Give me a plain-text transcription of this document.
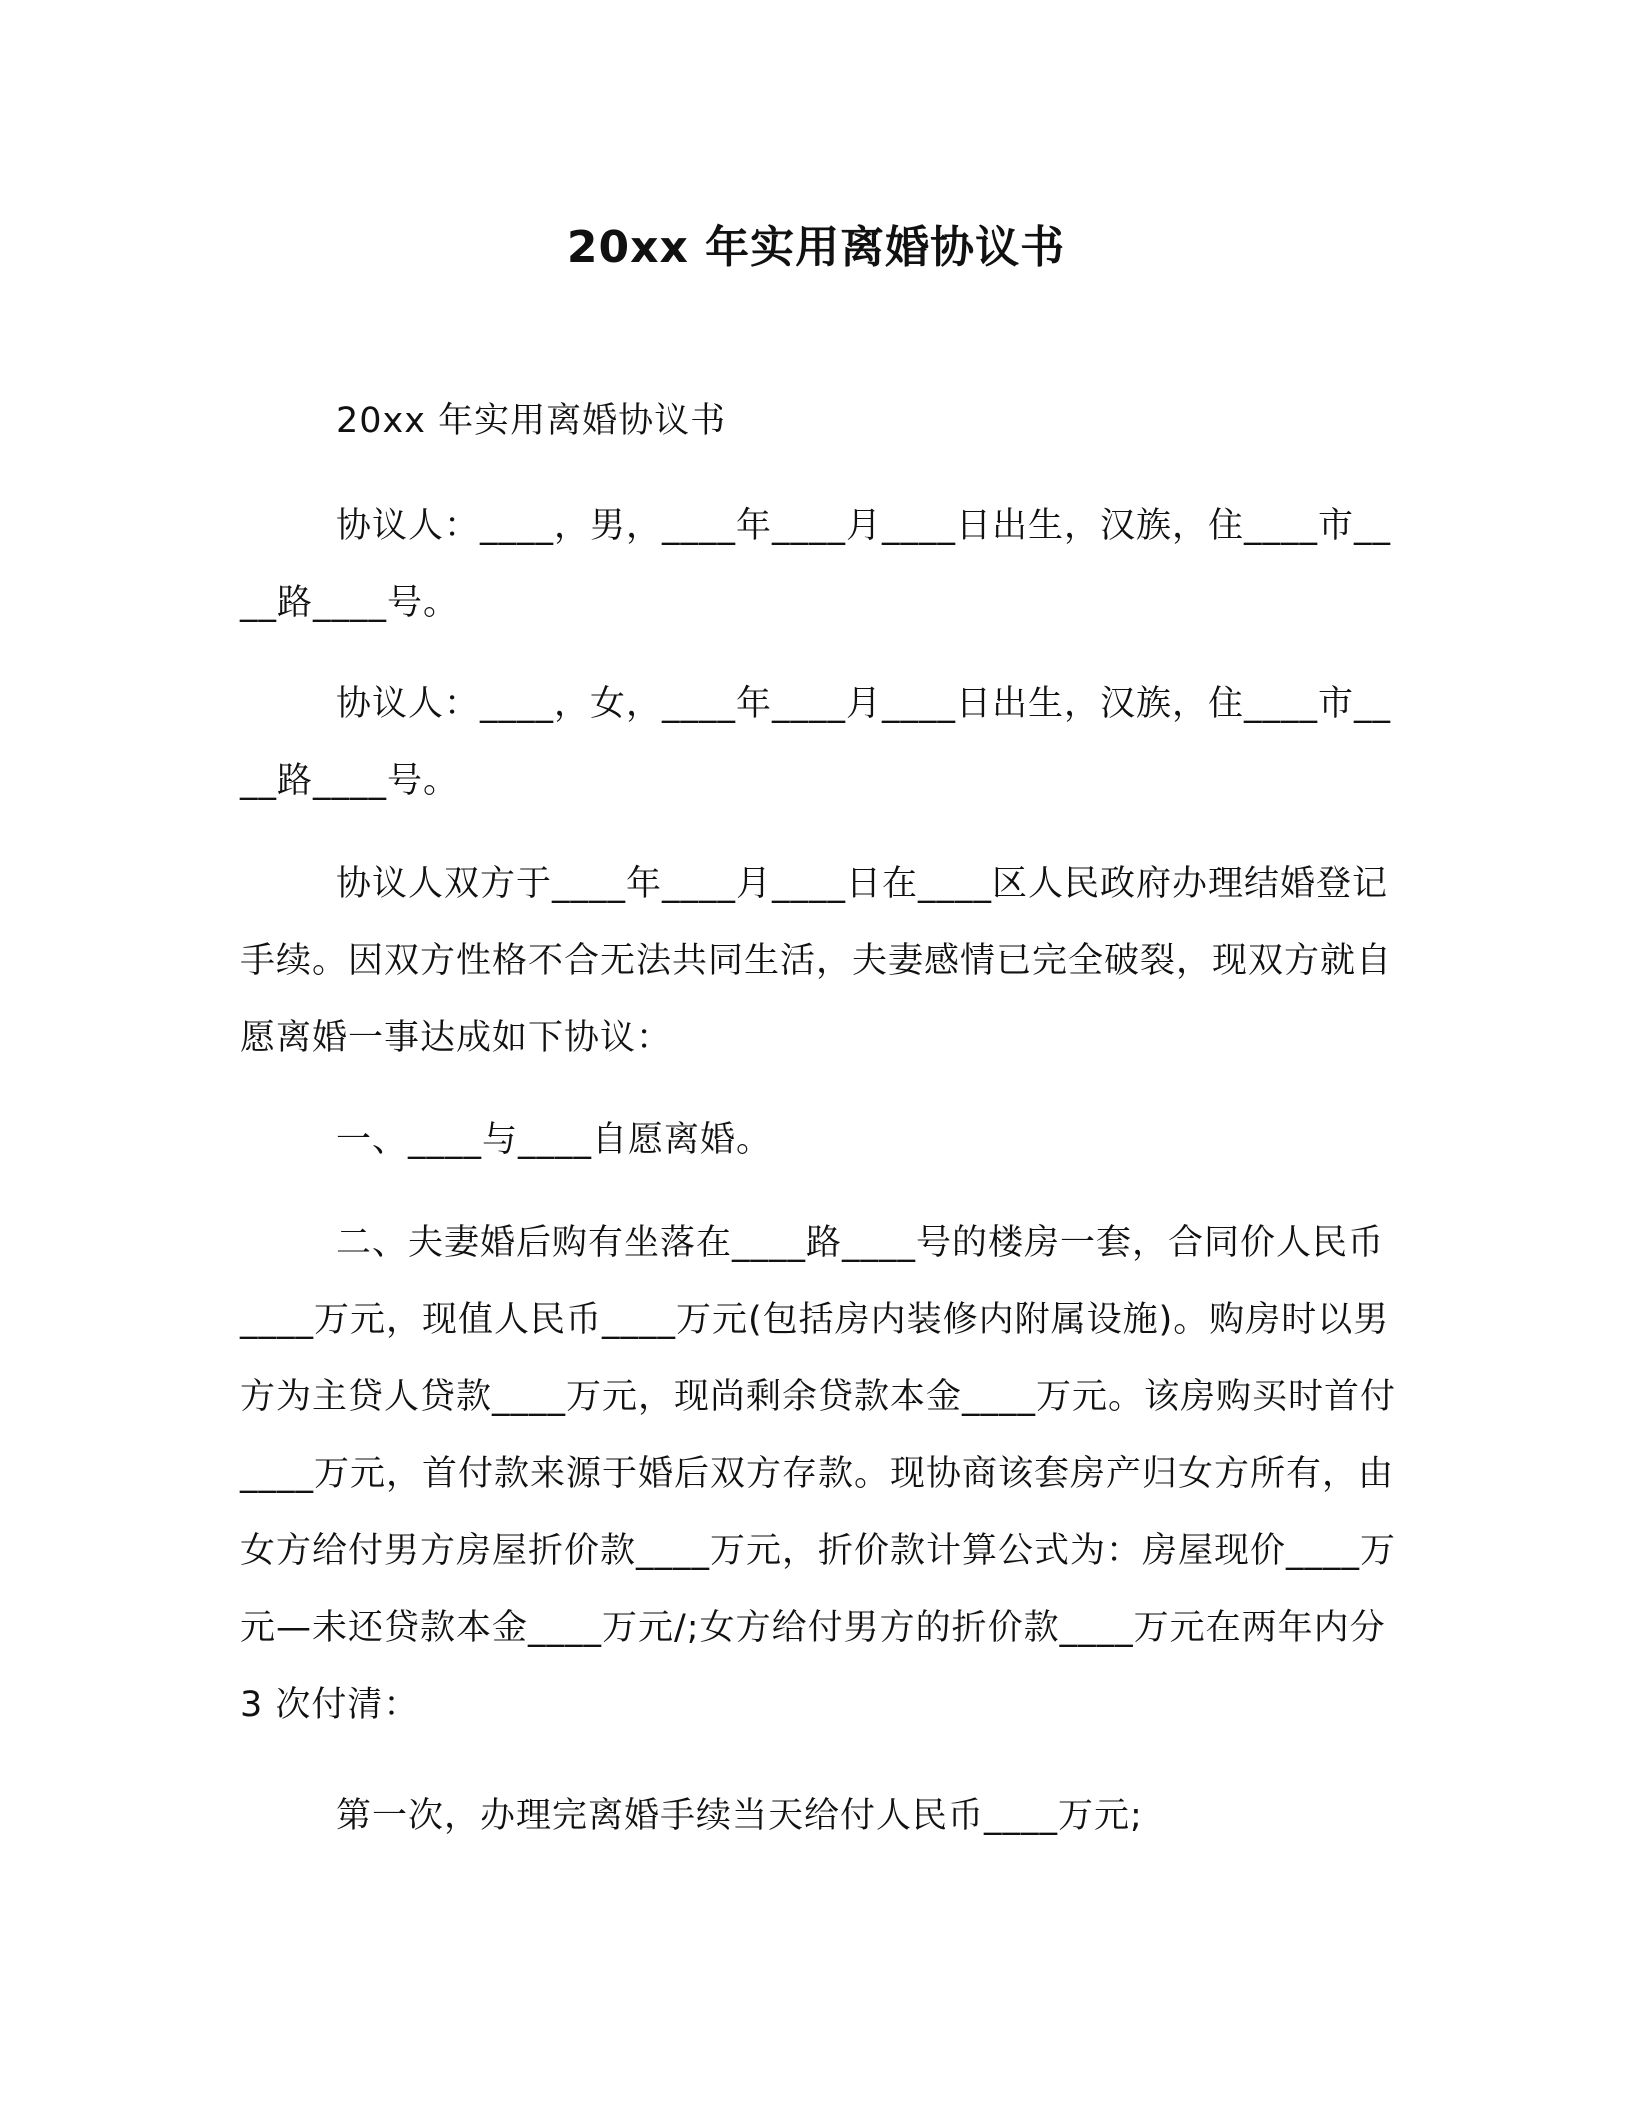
20xx 年实用离婚协议书

20xx 年实用离婚协议书

协议人：____，男，____年____月____日出生，汉族，住____市____路____号。

协议人：____，女，____年____月____日出生，汉族，住____市____路____号。

协议人双方于____年____月____日在____区人民政府办理结婚登记手续。因双方性格不合无法共同生活，夫妻感情已完全破裂，现双方就自愿离婚一事达成如下协议：

一、____与____自愿离婚。

二、夫妻婚后购有坐落在____路____号的楼房一套，合同价人民币____万元，现值人民币____万元(包括房内装修内附属设施)。购房时以男方为主贷人贷款____万元，现尚剩余贷款本金____万元。该房购买时首付____万元，首付款来源于婚后双方存款。现协商该套房产归女方所有，由女方给付男方房屋折价款____万元，折价款计算公式为：房屋现价____万元—未还贷款本金____万元/;女方给付男方的折价款____万元在两年内分 3 次付清：

第一次，办理完离婚手续当天给付人民币____万元;
